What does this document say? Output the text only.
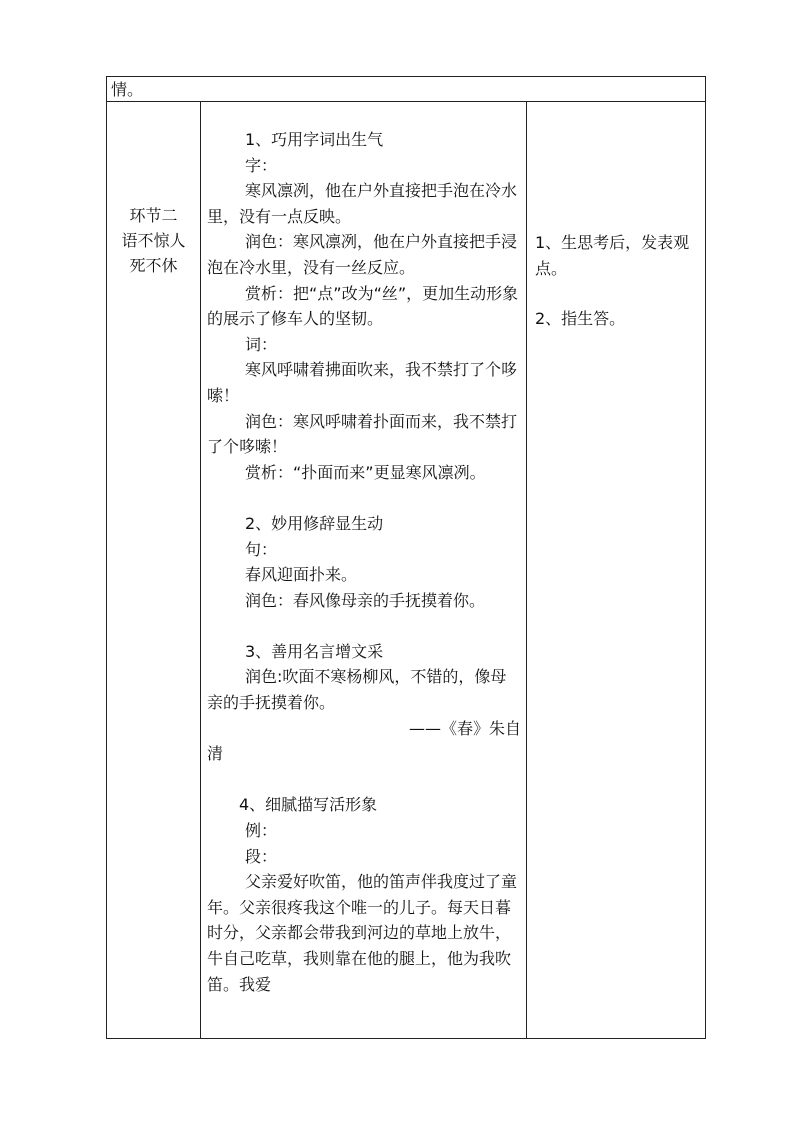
情。
环节二
语不惊人
死不休

1、巧用字词出生气

字：

寒风凛冽，他在户外直接把手泡在冷水里，没有一点反映。

润色：寒风凛冽，他在户外直接把手浸泡在冷水里，没有一丝反应。

赏析：把“点”改为“丝”，更加生动形象的展示了修车人的坚韧。

词：

寒风呼啸着拂面吹来，我不禁打了个哆嗦！

润色：寒风呼啸着扑面而来，我不禁打了个哆嗦！

赏析：“扑面而来”更显寒风凛冽。

2、妙用修辞显生动

句：

春风迎面扑来。

润色：春风像母亲的手抚摸着你。

3、善用名言增文采

润色:吹面不寒杨柳风，不错的，像母亲的手抚摸着你。

——《春》朱自

清

4、细腻描写活形象

例：

段：

父亲爱好吹笛，他的笛声伴我度过了童年。父亲很疼我这个唯一的儿子。每天日暮时分，父亲都会带我到河边的草地上放牛，牛自己吃草，我则靠在他的腿上，他为我吹笛。我爱

1、生思考后，发表观点。

2、指生答。
